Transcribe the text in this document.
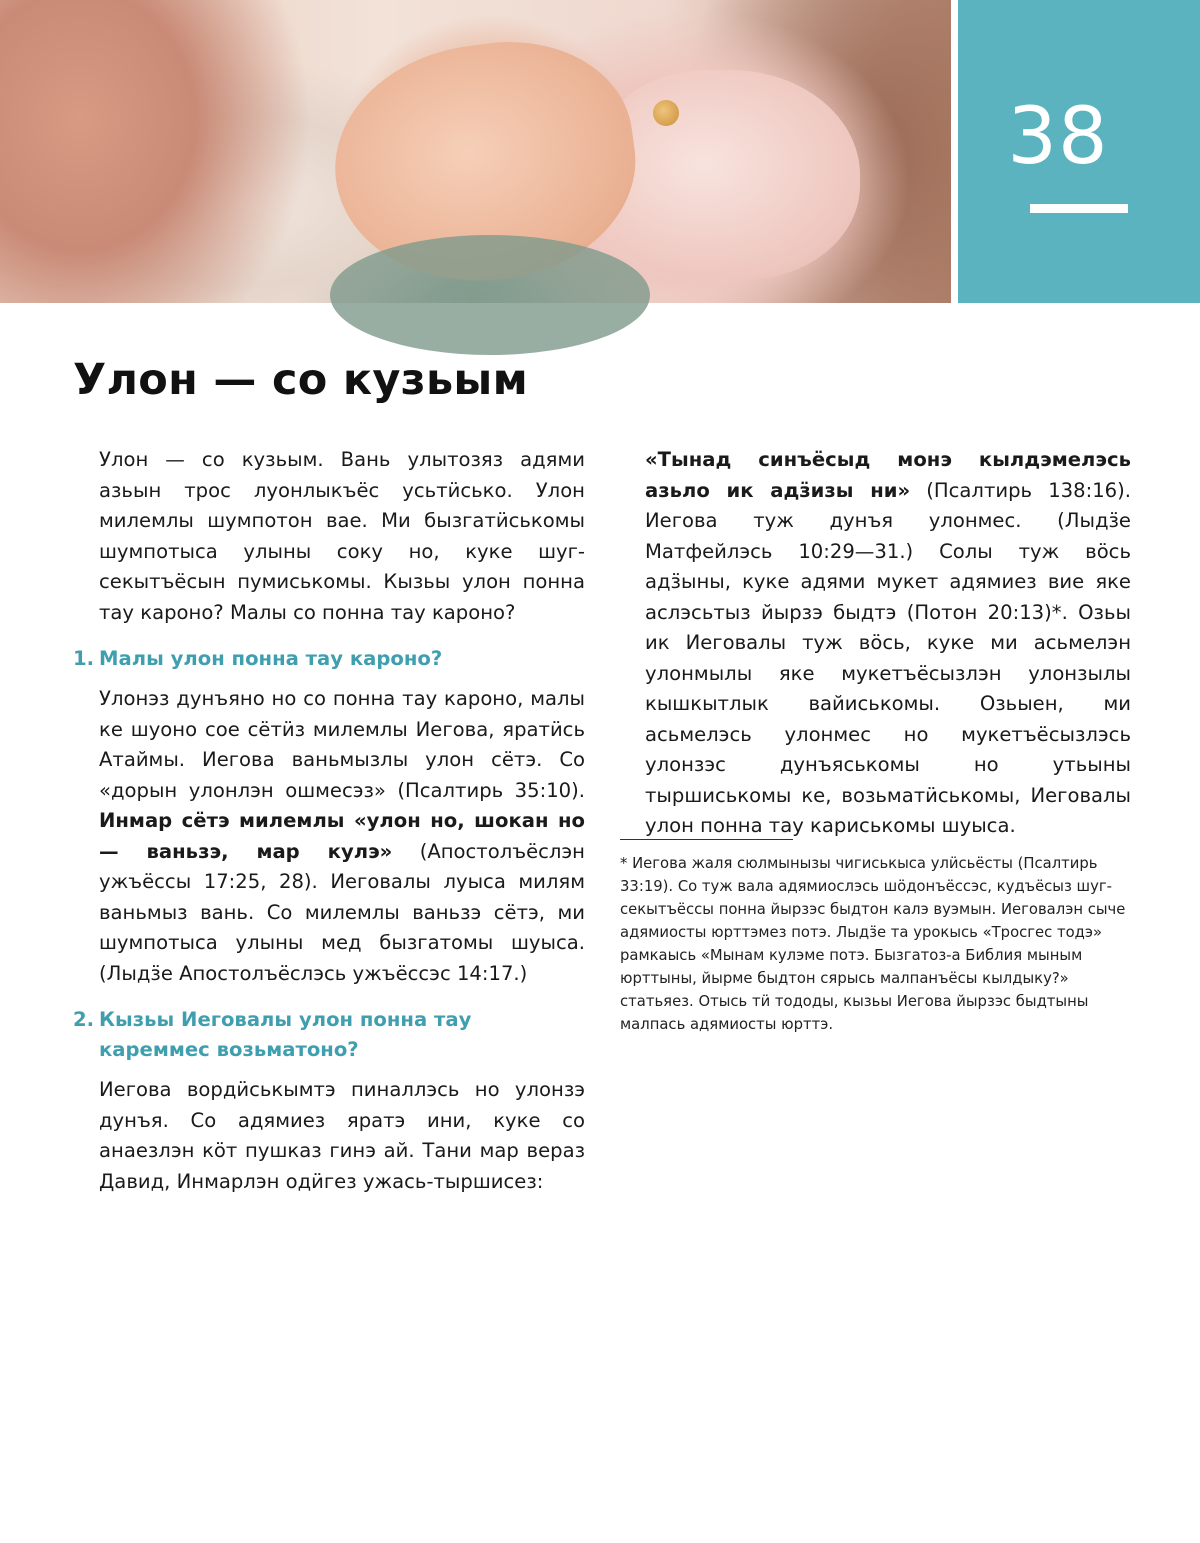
38
Улон — со кузьым

Улон — со кузьым. Вань улытозяз адями азьын трос луонлыкъёс усьтӥсько. Улон милемлы шумпотон вае. Ми бызгатӥськомы шумпотыса улыны соку но, куке шуг-секытъёсын пумиськомы. Кызьы улон понна тау кароно? Малы со понна тау кароно?

1. Малы улон понна тау кароно?

Улонэз дунъяно но со понна тау кароно, малы ке шуоно сое сётӥз милемлы Иегова, яратӥсь Атаймы. Иегова ваньмызлы улон сётэ. Со «дорын улонлэн ошмесэз» (Псалтирь 35:10). Инмар сётэ милемлы «улон но, шокан но — ваньзэ, мар кулэ» (Апостолъёслэн ужъёссы 17:25, 28). Иеговалы луыса милям ваньмыз вань. Со милемлы ваньзэ сётэ, ми шумпотыса улыны мед бызгатомы шуыса. (Лыдӟе Апостолъёслэсь ужъёссэс 14:17.)

2. Кызьы Иеговалы улон понна тау кареммес возьматоно?

Иегова вордӥськымтэ пиналлэсь но улонзэ дунъя. Со адямиез яратэ ини, куке со анаезлэн кӧт пушказ гинэ ай. Тани мар вераз Давид, Инмарлэн одӥгез ужась-тыршисез:

«Тынад синъёсыд монэ кылдэмелэсь азьло ик адӟизы ни» (Псалтирь 138:16). Иегова туж дунъя улонмес. (Лыдӟе Матфейлэсь 10:29—31.) Солы туж вӧсь адӟыны, куке адями мукет адямиез вие яке аслэсьтыз йырзэ быдтэ (Потон 20:13)*. Озьы ик Иеговалы туж вӧсь, куке ми асьмелэн улонмылы яке мукетъёсызлэн улонзылы кышкытлык вайиськомы. Озьыен, ми асьмелэсь улонмес но мукетъёсызлэсь улонзэс дунъяськомы но утьыны тыршиськомы ке, возьматӥськомы, Иеговалы улон понна тау кариськомы шуыса.

* Иегова жаля сюлмынызы чигиськыса улӥсьёсты (Псалтирь 33:19). Со туж вала адямиослэсь шӧдонъёссэс, кудъёсыз шуг-секытъёссы понна йырзэс быдтон калэ вуэмын. Иеговалэн сыче адямиосты юрттэмез потэ. Лыдӟе та урокысь «Тросгес тодэ» рамкаысь «Мынам кулэме потэ. Бызгатоз-а Библия мыным юрттыны, йырме быдтон сярысь малпанъёсы кылдыку?» статьяез. Отысь тӥ тододы, кызьы Иегова йырзэс быдтыны малпась адямиосты юрттэ.
